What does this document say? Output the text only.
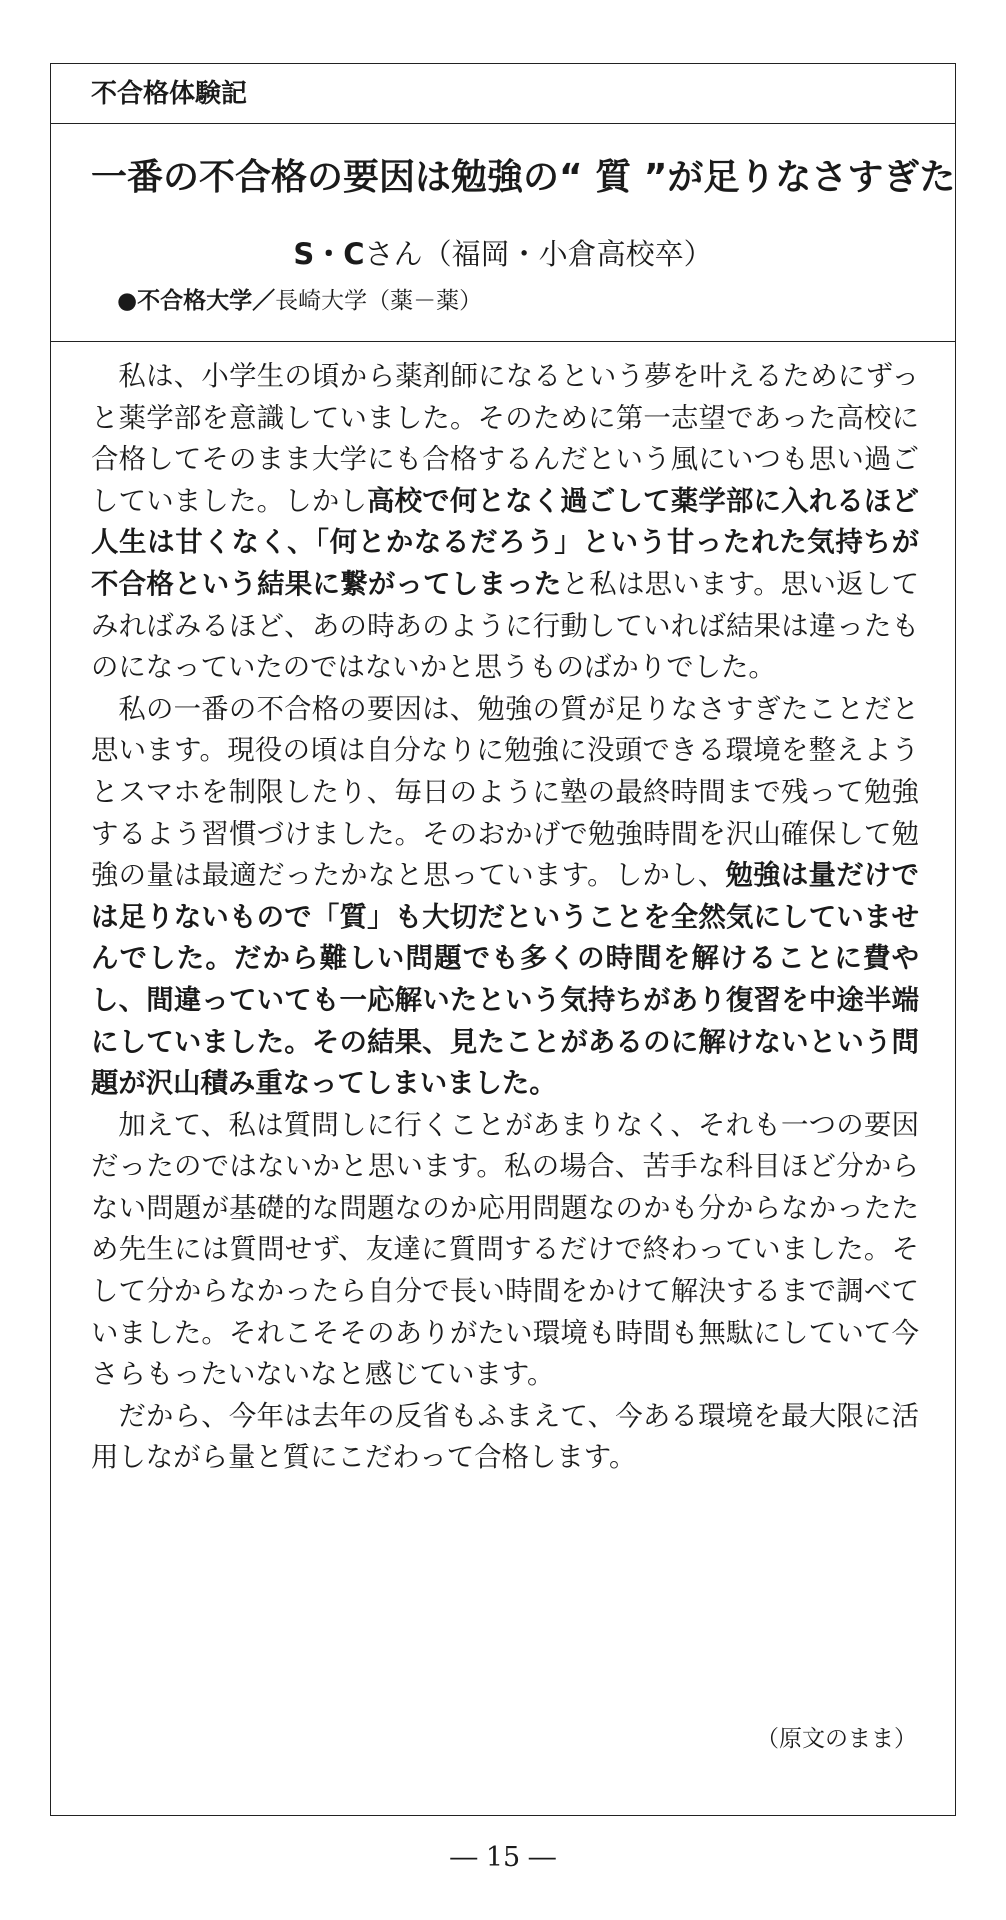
不合格体験記
一番の不合格の要因は勉強の“ 質 ”が足りなさすぎた
S・Cさん（福岡・小倉高校卒）
●不合格大学／長崎大学（薬－薬）

私は、小学生の頃から薬剤師になるという夢を叶えるためにずっと薬学部を意識していました。そのために第一志望であった高校に合格してそのまま大学にも合格するんだという風にいつも思い過ごしていました。しかし高校で何となく過ごして薬学部に入れるほど人生は甘くなく、「何とかなるだろう」という甘ったれた気持ちが不合格という結果に繋がってしまったと私は思います。思い返してみればみるほど、あの時あのように行動していれば結果は違ったものになっていたのではないかと思うものばかりでした。

私の一番の不合格の要因は、勉強の質が足りなさすぎたことだと思います。現役の頃は自分なりに勉強に没頭できる環境を整えようとスマホを制限したり、毎日のように塾の最終時間まで残って勉強するよう習慣づけました。そのおかげで勉強時間を沢山確保して勉強の量は最適だったかなと思っています。しかし、勉強は量だけでは足りないもので「質」も大切だということを全然気にしていませんでした。だから難しい問題でも多くの時間を解けることに費やし、間違っていても一応解いたという気持ちがあり復習を中途半端にしていました。その結果、見たことがあるのに解けないという問題が沢山積み重なってしまいました。

加えて、私は質問しに行くことがあまりなく、それも一つの要因だったのではないかと思います。私の場合、苦手な科目ほど分からない問題が基礎的な問題なのか応用問題なのかも分からなかったため先生には質問せず、友達に質問するだけで終わっていました。そして分からなかったら自分で長い時間をかけて解決するまで調べていました。それこそそのありがたい環境も時間も無駄にしていて今さらもったいないなと感じています。

だから、今年は去年の反省もふまえて、今ある環境を最大限に活用しながら量と質にこだわって合格します。

（原文のまま）
― 15 ―
